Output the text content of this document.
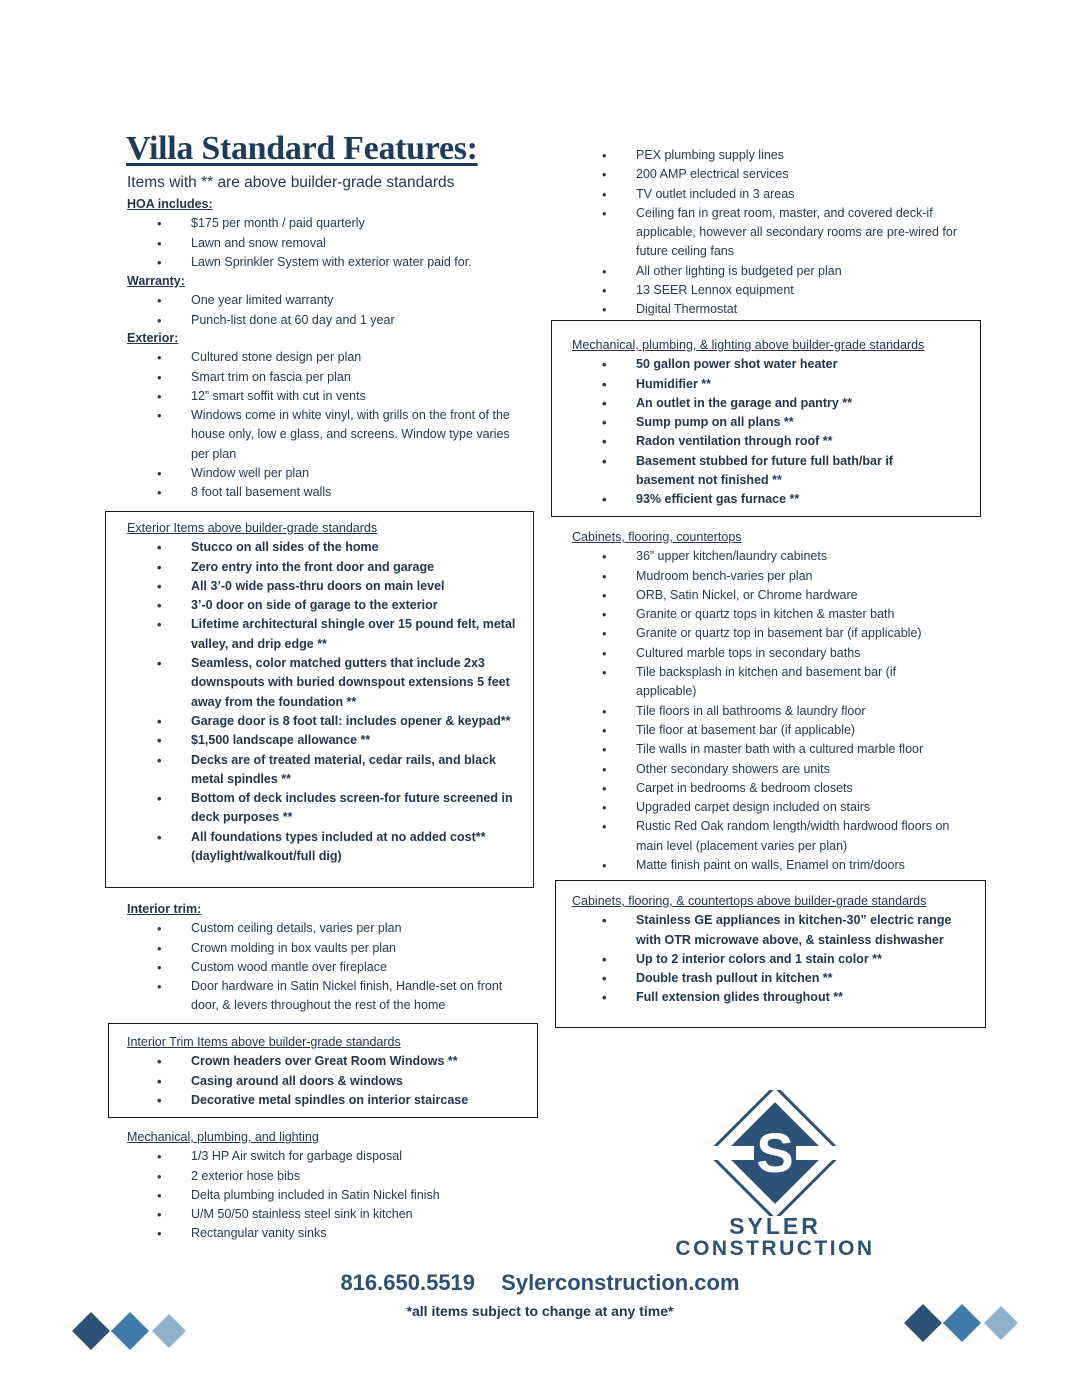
Villa Standard Features:
Items with ** are above builder-grade standards
HOA includes:
• $175 per month / paid quarterly
• Lawn and snow removal
• Lawn Sprinkler System with exterior water paid for.
Warranty:
• One year limited warranty
• Punch-list done at 60 day and 1 year
Exterior:
• Cultured stone design per plan
• Smart trim on fascia per plan
• 12” smart soffit with cut in vents
• Windows come in white vinyl, with grills on the front of the house only, low e glass, and screens. Window type varies per plan
• Window well per plan
• 8 foot tall basement walls
Exterior Items above builder-grade standards
• Stucco on all sides of the home
• Zero entry into the front door and garage
• All 3’-0 wide pass-thru doors on main level
• 3’-0 door on side of garage to the exterior
• Lifetime architectural shingle over 15 pound felt, metal valley, and drip edge **
• Seamless, color matched gutters that include 2x3 downspouts with buried downspout extensions 5 feet away from the foundation **
• Garage door is 8 foot tall: includes opener & keypad**
• $1,500 landscape allowance **
• Decks are of treated material, cedar rails, and black metal spindles **
• Bottom of deck includes screen-for future screened in deck purposes **
• All foundations types included at no added cost** (daylight/walkout/full dig)
Interior trim:
• Custom ceiling details, varies per plan
• Crown molding in box vaults per plan
• Custom wood mantle over fireplace
• Door hardware in Satin Nickel finish, Handle-set on front door, & levers throughout the rest of the home
Interior Trim Items above builder-grade standards
• Crown headers over Great Room Windows **
• Casing around all doors & windows
• Decorative metal spindles on interior staircase
Mechanical, plumbing, and lighting
• 1/3 HP Air switch for garbage disposal
• 2 exterior hose bibs
• Delta plumbing included in Satin Nickel finish
• U/M 50/50 stainless steel sink in kitchen
• Rectangular vanity sinks
• PEX plumbing supply lines
• 200 AMP electrical services
• TV outlet included in 3 areas
• Ceiling fan in great room, master, and covered deck-if applicable, however all secondary rooms are pre-wired for future ceiling fans
• All other lighting is budgeted per plan
• 13 SEER Lennox equipment
• Digital Thermostat
Mechanical, plumbing, & lighting above builder-grade standards
• 50 gallon power shot water heater
• Humidifier **
• An outlet in the garage and pantry **
• Sump pump on all plans **
• Radon ventilation through roof **
• Basement stubbed for future full bath/bar if basement not finished **
• 93% efficient gas furnace **
Cabinets, flooring, countertops
• 36” upper kitchen/laundry cabinets
• Mudroom bench-varies per plan
• ORB, Satin Nickel, or Chrome hardware
• Granite or quartz tops in kitchen & master bath
• Granite or quartz top in basement bar (if applicable)
• Cultured marble tops in secondary baths
• Tile backsplash in kitchen and basement bar (if applicable)
• Tile floors in all bathrooms & laundry floor
• Tile floor at basement bar (if applicable)
• Tile walls in master bath with a cultured marble floor
• Other secondary showers are units
• Carpet in bedrooms & bedroom closets
• Upgraded carpet design included on stairs
• Rustic Red Oak random length/width hardwood floors on main level (placement varies per plan)
• Matte finish paint on walls, Enamel on trim/doors
Cabinets, flooring, & countertops above builder-grade standards
• Stainless GE appliances in kitchen-30” electric range with OTR microwave above, & stainless dishwasher
• Up to 2 interior colors and 1 stain color **
• Double trash pullout in kitchen **
• Full extension glides throughout **
S
SYLER
CONSTRUCTION
816.650.5519 Sylerconstruction.com
*all items subject to change at any time*
